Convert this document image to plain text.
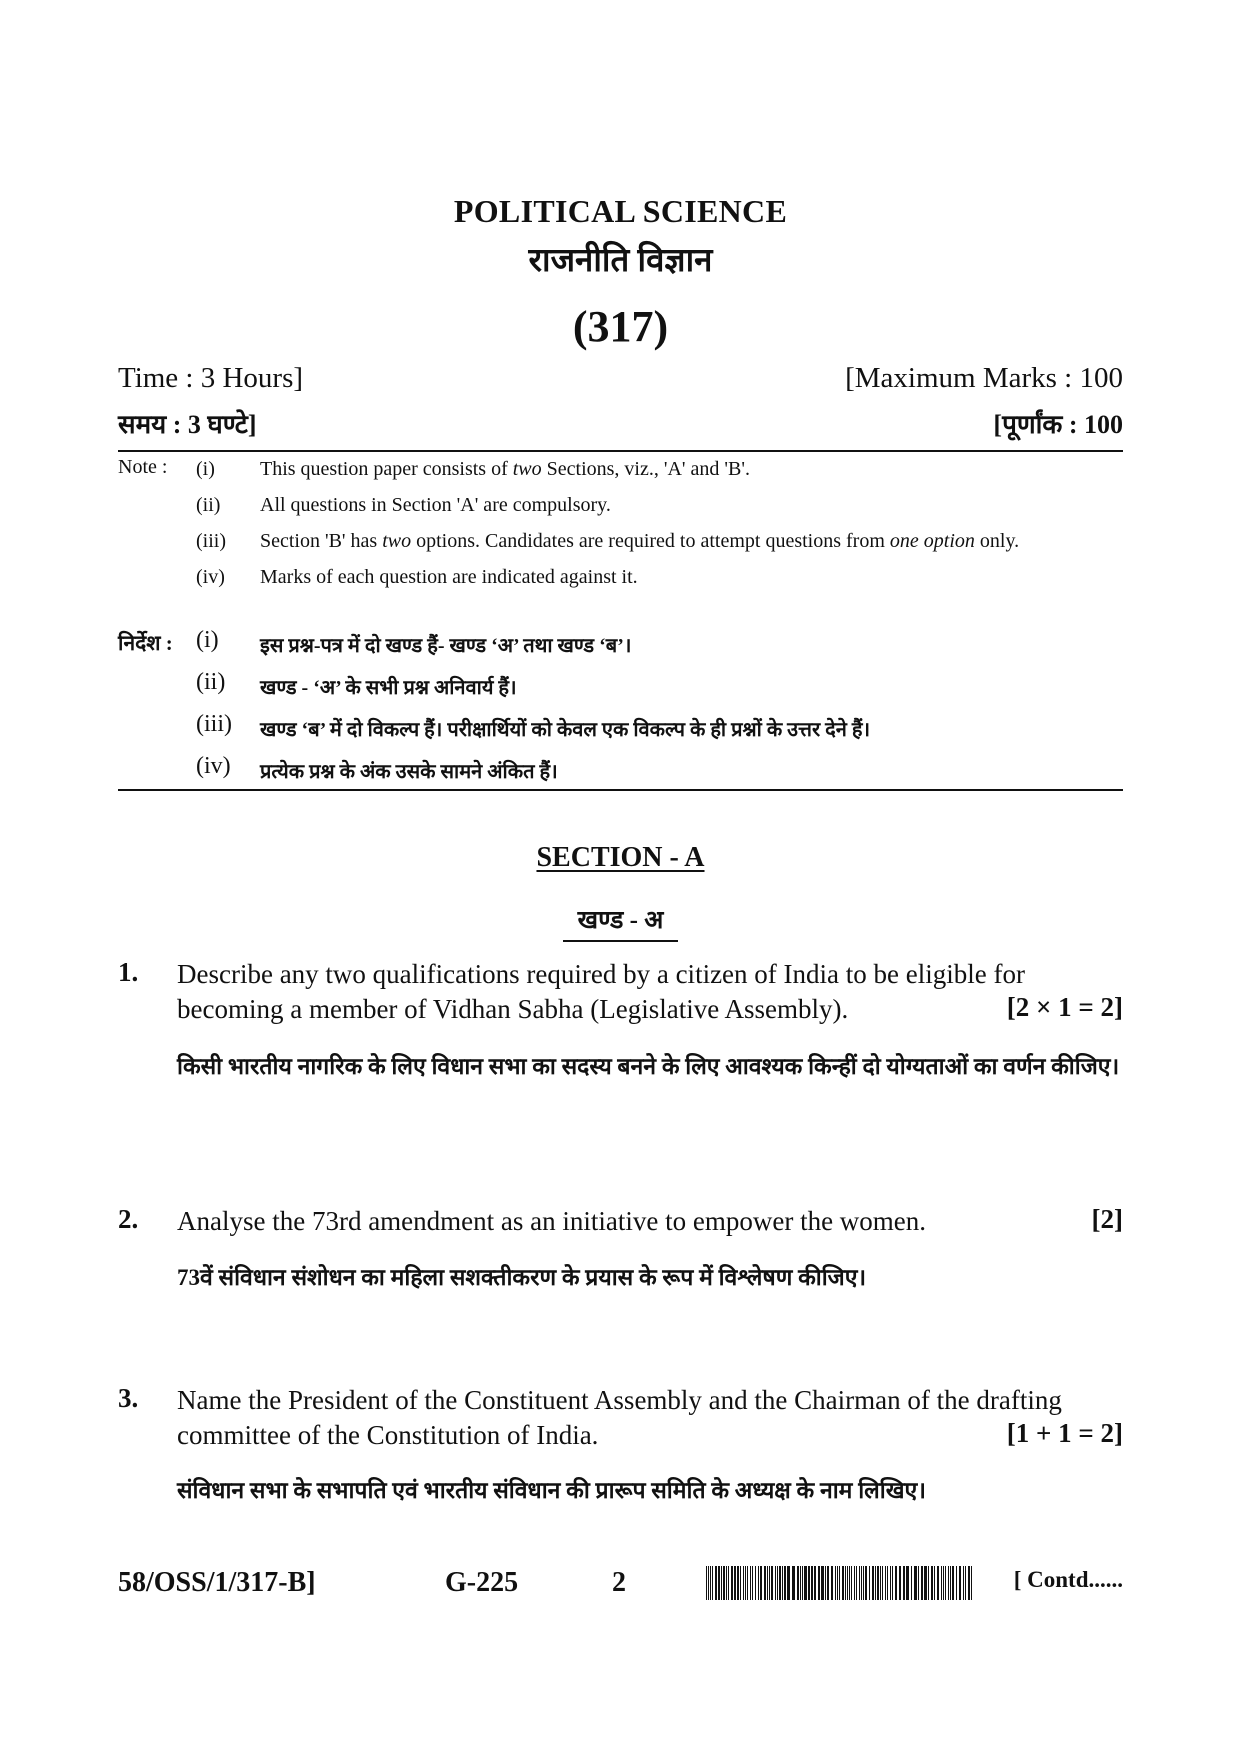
POLITICAL SCIENCE
राजनीति विज्ञान
(317)
Time : 3 Hours]
समय : 3 घण्टे]
[Maximum Marks : 100
[पूर्णांक : 100
Note : (i) This question paper consists of two Sections, viz., 'A' and 'B'.
(ii) All questions in Section 'A' are compulsory.
(iii) Section 'B' has two options. Candidates are required to attempt questions from one option only.
(iv) Marks of each question are indicated against it.
निर्देश : (i) इस प्रश्न-पत्र में दो खण्ड हैं- खण्ड ‘अ’ तथा खण्ड ‘ब’।
(ii) खण्ड - ‘अ’ के सभी प्रश्न अनिवार्य हैं।
(iii) खण्ड ‘ब’ में दो विकल्प हैं। परीक्षार्थियों को केवल एक विकल्प के ही प्रश्नों के उत्तर देने हैं।
(iv) प्रत्येक प्रश्न के अंक उसके सामने अंकित हैं।
SECTION - A
खण्ड - अ
1. Describe any two qualifications required by a citizen of India to be eligible for
becoming a member of Vidhan Sabha (Legislative Assembly).	[2 × 1 = 2]
किसी भारतीय नागरिक के लिए विधान सभा का सदस्य बनने के लिए आवश्यक किन्हीं दो योग्यताओं का वर्णन कीजिए।
2. Analyse the 73rd amendment as an initiative to empower the women.	[2]
73वें संविधान संशोधन का महिला सशक्तीकरण के प्रयास के रूप में विश्लेषण कीजिए।
3. Name the President of the Constituent Assembly and the Chairman of the drafting
committee of the Constitution of India.	[1 + 1 = 2]
संविधान सभा के सभापति एवं भारतीय संविधान की प्रारूप समिति के अध्यक्ष के नाम लिखिए।
58/OSS/1/317-B]	G-225	2	[ Contd......
